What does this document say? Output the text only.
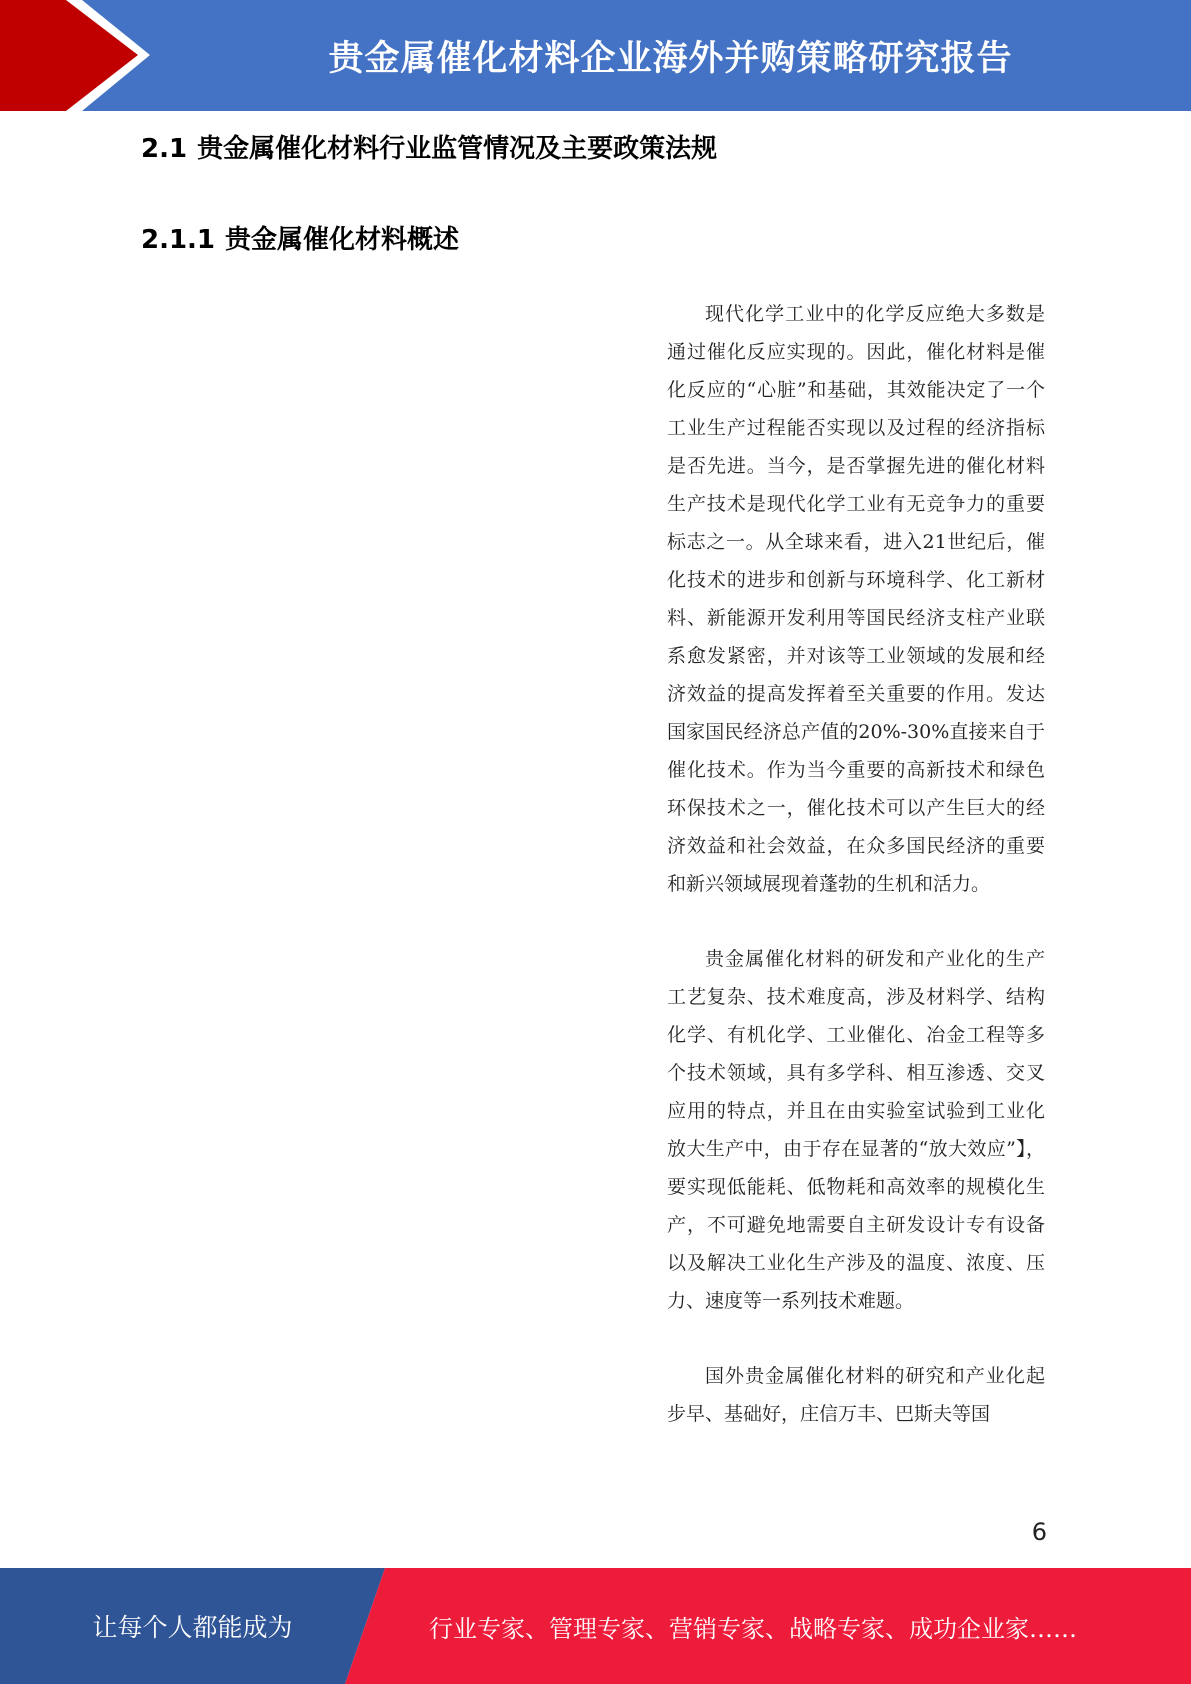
贵金属催化材料企业海外并购策略研究报告
2.1 贵金属催化材料行业监管情况及主要政策法规
2.1.1 贵金属催化材料概述

现代化学工业中的化学反应绝大多数是通过催化反应实现的。因此，催化材料是催化反应的“心脏”和基础，其效能决定了一个工业生产过程能否实现以及过程的经济指标是否先进。当今，是否掌握先进的催化材料生产技术是现代化学工业有无竞争力的重要标志之一。从全球来看，进入21世纪后，催化技术的进步和创新与环境科学、化工新材料、新能源开发利用等国民经济支柱产业联系愈发紧密，并对该等工业领域的发展和经济效益的提高发挥着至关重要的作用。发达国家国民经济总产值的20%-30%直接来自于催化技术。作为当今重要的高新技术和绿色环保技术之一，催化技术可以产生巨大的经济效益和社会效益，在众多国民经济的重要和新兴领域展现着蓬勃的生机和活力。

贵金属催化材料的研发和产业化的生产工艺复杂、技术难度高，涉及材料学、结构化学、有机化学、工业催化、冶金工程等多个技术领域，具有多学科、相互渗透、交叉应用的特点，并且在由实验室试验到工业化放大生产中，由于存在显著的“放大效应”】，要实现低能耗、低物耗和高效率的规模化生产，不可避免地需要自主研发设计专有设备以及解决工业化生产涉及的温度、浓度、压力、速度等一系列技术难题。

国外贵金属催化材料的研究和产业化起步早、基础好，庄信万丰、巴斯夫等国

6
让每个人都能成为	行业专家、管理专家、营销专家、战略专家、成功企业家……
